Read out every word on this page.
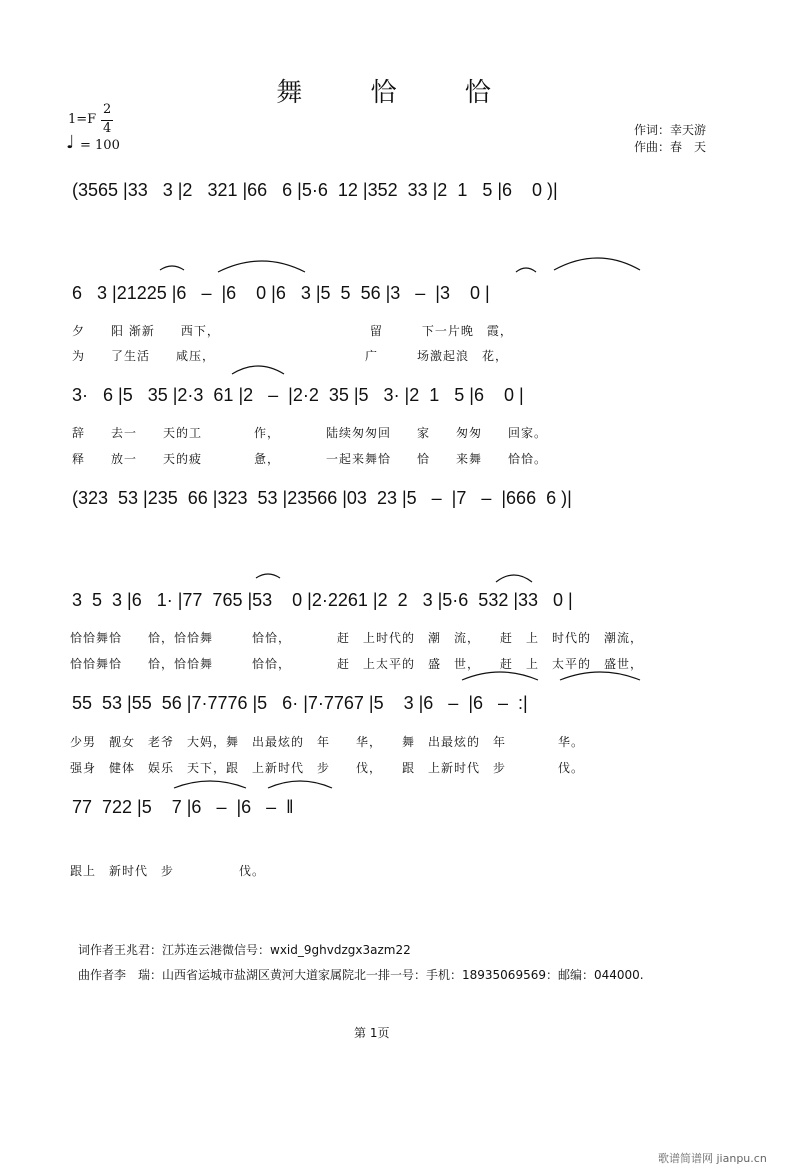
舞 恰 恰
1=F
2
4
♩ = 100
作词：幸天游
作曲：春　天
(3565 |33   3 |2   321 |66   6 |5·6  12 |352  33 |2  1   5 |6    0 )|
6   3 |21225 |6   –  |6    0 |6   3 |5  5  56 |3   –  |3    0 |
夕　　阳 渐新　　西下，　　　　　　　　　　　　留　　　下一片晚　霞，
为　　了生活　　咸压，　　　　　　　　　　　　广　　　场激起浪　花，
3·   6 |5   35 |2·3  61 |2   –  |2·2  35 |5   3· |2  1   5 |6    0 |
辞　　去一　　天的工　　　　作，　　　　陆续匆匆回　　家　　匆匆　　回家。
释　　放一　　天的疲　　　　惫，　　　　一起来舞恰　　恰　　来舞　　恰恰。
(323  53 |235  66 |323  53 |23566 |03  23 |5   –  |7   –  |666  6 )|
3  5  3 |6   1· |77  765 |53    0 |2·2261 |2  2   3 |5·6  532 |33   0 |
恰恰舞恰　　恰，恰恰舞　　　恰恰，　　　　赶　上时代的　潮　流，　　赶　上　时代的　潮流，
恰恰舞恰　　恰，恰恰舞　　　恰恰，　　　　赶　上太平的　盛　世，　　赶　上　太平的　盛世，
55  53 |55  56 |7·7776 |5   6· |7·7767 |5    3 |6   –  |6   –  :|
少男　靓女　老爷　大妈，舞　出最炫的　年　　华，　　舞　出最炫的　年　　　　华。
强身　健体　娱乐　天下，跟　上新时代　步　　伐，　　跟　上新时代　步　　　　伐。
77  722 |5    7 |6   –  |6   –  ‖
跟上　新时代　步　　　　　伐。
词作者王兆君：江苏连云港微信号：wxid_9ghvdzgx3azm22
曲作者李　瑞：山西省运城市盐湖区黄河大道家属院北一排一号：手机：18935069569：邮编：044000.
第 1页
歌谱简谱网 jianpu.cn
